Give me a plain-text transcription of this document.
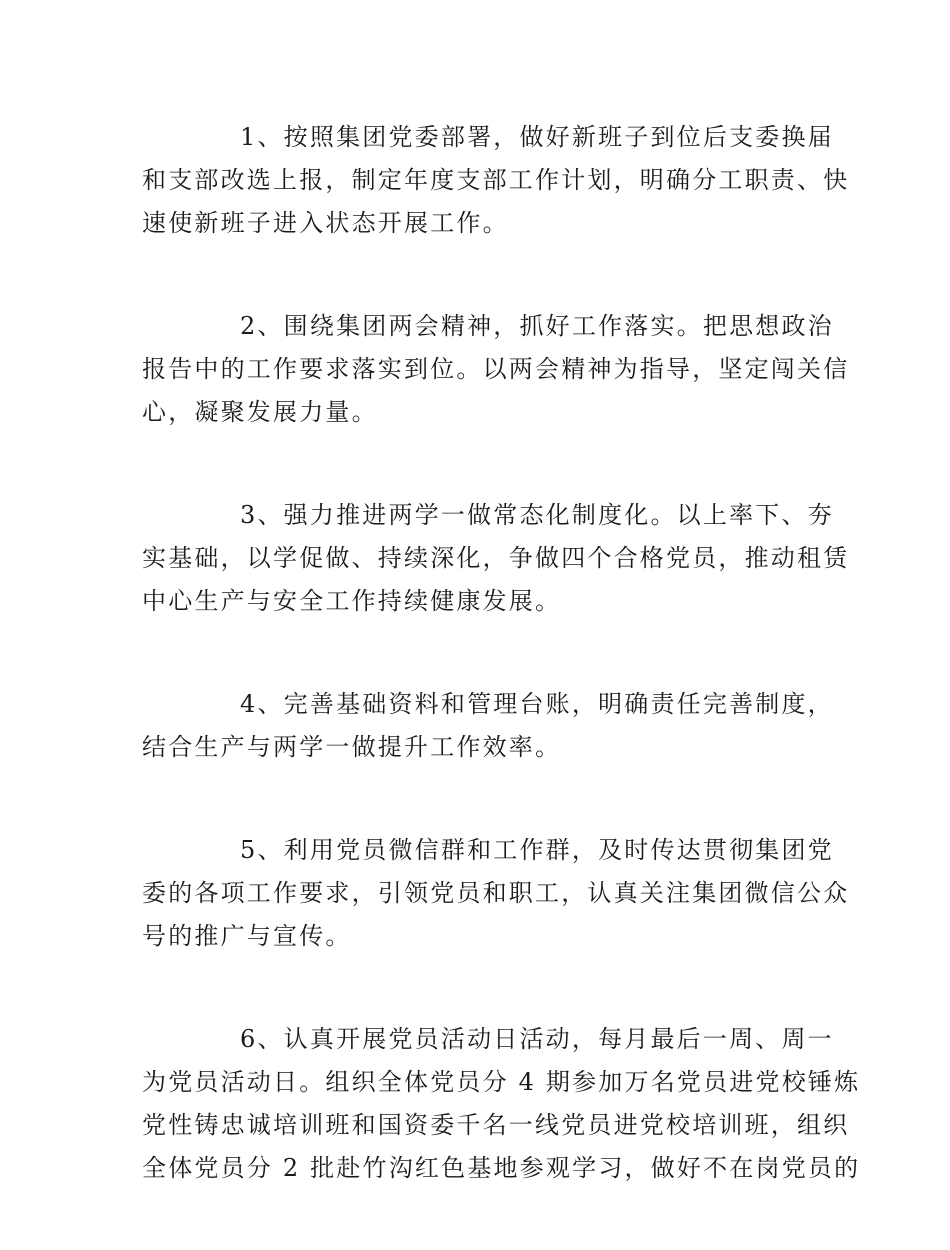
1、按照集团党委部署，做好新班子到位后支委换届
和支部改选上报，制定年度支部工作计划，明确分工职责、快
速使新班子进入状态开展工作。
2、围绕集团两会精神，抓好工作落实。把思想政治
报告中的工作要求落实到位。以两会精神为指导，坚定闯关信
心，凝聚发展力量。
3、强力推进两学一做常态化制度化。以上率下、夯
实基础，以学促做、持续深化，争做四个合格党员，推动租赁
中心生产与安全工作持续健康发展。
4、完善基础资料和管理台账，明确责任完善制度，
结合生产与两学一做提升工作效率。
5、利用党员微信群和工作群，及时传达贯彻集团党
委的各项工作要求，引领党员和职工，认真关注集团微信公众
号的推广与宣传。
6、认真开展党员活动日活动，每月最后一周、周一
为党员活动日。组织全体党员分 4 期参加万名党员进党校锤炼
党性铸忠诚培训班和国资委千名一线党员进党校培训班，组织
全体党员分 2 批赴竹沟红色基地参观学习，做好不在岗党员的
